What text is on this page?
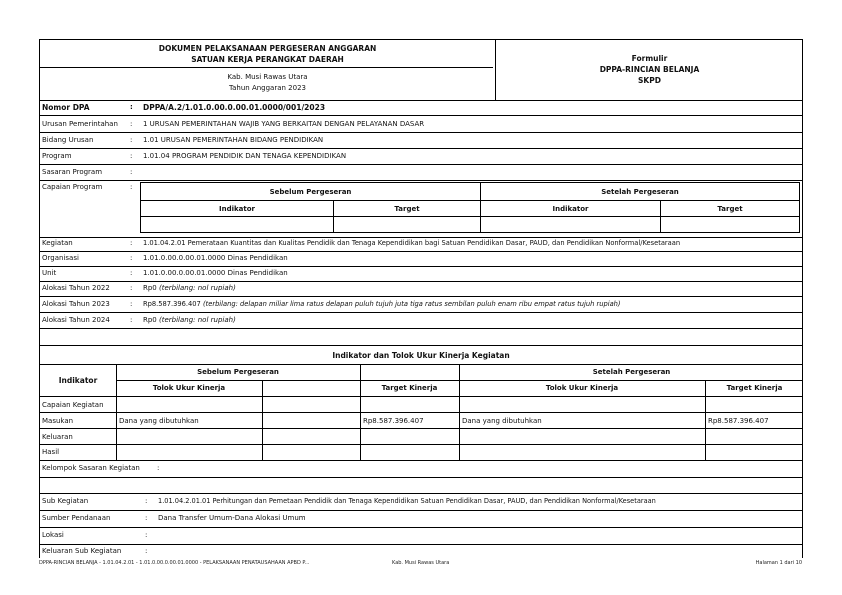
DOKUMEN PELAKSANAAN PERGESERAN ANGGARAN
SATUAN KERJA PERANGKAT DAERAH
Kab. Musi Rawas Utara
Tahun Anggaran 2023
Formulir
DPPA-RINCIAN BELANJA
SKPD
Nomor DPA	: DPPA/A.2/1.01.0.00.0.00.01.0000/001/2023
Urusan Pemerintahan : 1 URUSAN PEMERINTAHAN WAJIB YANG BERKAITAN DENGAN PELAYANAN DASAR
Bidang Urusan	: 1.01 URUSAN PEMERINTAHAN BIDANG PENDIDIKAN
Program	: 1.01.04 PROGRAM PENDIDIK DAN TENAGA KEPENDIDIKAN
Sasaran Program	:
Capaian Program	:
Sebelum Pergeseran	Setelah Pergeseran
Indikator	Target	Indikator	Target
Kegiatan	: 1.01.04.2.01 Pemerataan Kuantitas dan Kualitas Pendidik dan Tenaga Kependidikan bagi Satuan Pendidikan Dasar, PAUD, dan Pendidikan Nonformal/Kesetaraan
Organisasi	: 1.01.0.00.0.00.01.0000 Dinas Pendidikan
Unit	: 1.01.0.00.0.00.01.0000 Dinas Pendidikan
Alokasi Tahun 2022	: Rp0 (terbilang: nol rupiah)
Alokasi Tahun 2023	: Rp8.587.396.407 (terbilang: delapan miliar lima ratus delapan puluh tujuh juta tiga ratus sembilan puluh enam ribu empat ratus tujuh rupiah)
Alokasi Tahun 2024	: Rp0 (terbilang: nol rupiah)
Indikator dan Tolok Ukur Kinerja Kegiatan
Indikator
Sebelum Pergeseran	Setelah Pergeseran
Tolok Ukur Kinerja	Target Kinerja	Tolok Ukur Kinerja	Target Kinerja
Capaian Kegiatan
Masukan	Dana yang dibutuhkan	Rp8.587.396.407	Dana yang dibutuhkan	Rp8.587.396.407
Keluaran
Hasil
Kelompok Sasaran Kegiatan :
Sub Kegiatan	: 1.01.04.2.01.01 Perhitungan dan Pemetaan Pendidik dan Tenaga Kependidikan Satuan Pendidikan Dasar, PAUD, dan Pendidikan Nonformal/Kesetaraan
Sumber Pendanaan	: Dana Transfer Umum-Dana Alokasi Umum
Lokasi	:
Keluaran Sub Kegiatan	:
DPPA-RINCIAN BELANJA - 1.01.04.2.01 - 1.01.0.00.0.00.01.0000 - PELAKSANAAN PENATAUSAHAAN APBD P...	Kab. Musi Rawas Utara	Halaman 1 dari 10
